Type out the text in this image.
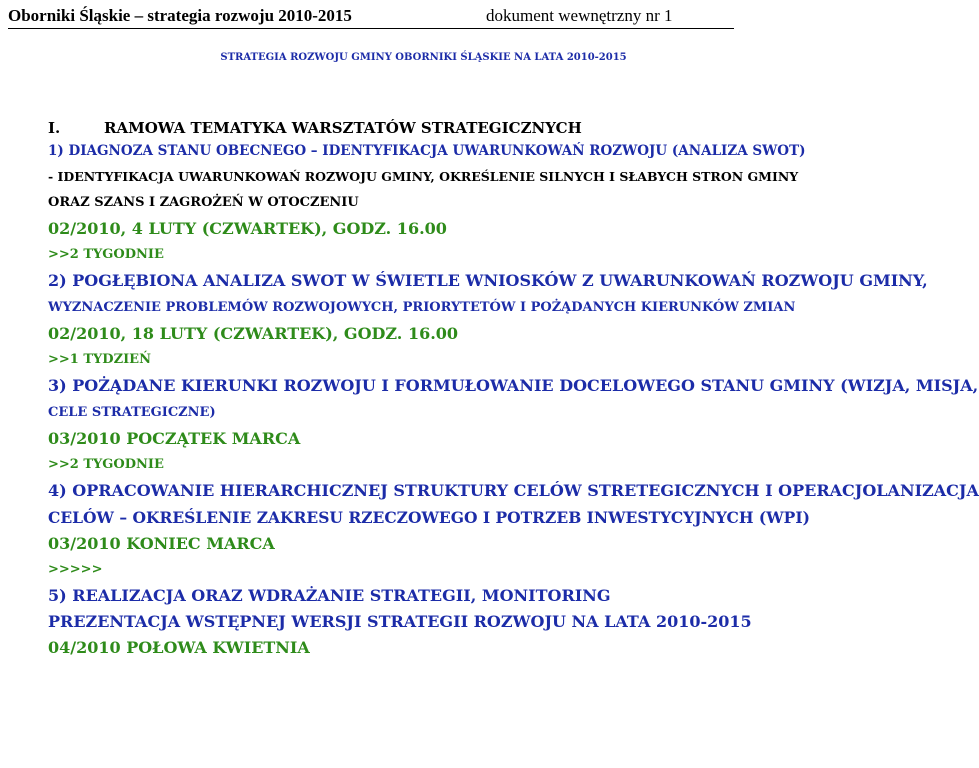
Oborniki Śląskie – strategia rozwoju 2010-2015	dokument wewnętrzny nr 1
STRATEGIA ROZWOJU GMINY OBORNIKI ŚLĄSKIE NA LATA 2010-2015
I.	RAMOWA TEMATYKA WARSZTATÓW STRATEGICZNYCH
1) DIAGNOZA STANU OBECNEGO – IDENTYFIKACJA UWARUNKOWAŃ ROZWOJU (ANALIZA SWOT)
- IDENTYFIKACJA UWARUNKOWAŃ ROZWOJU GMINY, OKREŚLENIE SILNYCH I SŁABYCH STRON GMINY
ORAZ SZANS I ZAGROŻEŃ W OTOCZENIU
02/2010, 4 LUTY (CZWARTEK), GODZ. 16.00
>>2 TYGODNIE
2) POGŁĘBIONA ANALIZA SWOT W ŚWIETLE WNIOSKÓW Z UWARUNKOWAŃ ROZWOJU GMINY,
WYZNACZENIE PROBLEMÓW ROZWOJOWYCH, PRIORYTETÓW I POŻĄDANYCH KIERUNKÓW ZMIAN
02/2010, 18 LUTY (CZWARTEK), GODZ. 16.00
>>1 TYDZIEŃ
3) POŻĄDANE KIERUNKI ROZWOJU I FORMUŁOWANIE DOCELOWEGO STANU GMINY (WIZJA, MISJA,
CELE STRATEGICZNE)
03/2010 POCZĄTEK MARCA
>>2 TYGODNIE
4) OPRACOWANIE HIERARCHICZNEJ STRUKTURY CELÓW STRETEGICZNYCH I OPERACJOLANIZACJA
CELÓW – OKREŚLENIE ZAKRESU RZECZOWEGO I POTRZEB INWESTYCYJNYCH (WPI)
03/2010 KONIEC MARCA
>>>>>
5) REALIZACJA ORAZ WDRAŻANIE STRATEGII, MONITORING
PREZENTACJA WSTĘPNEJ WERSJI STRATEGII ROZWOJU NA LATA 2010-2015
04/2010 POŁOWA KWIETNIA
